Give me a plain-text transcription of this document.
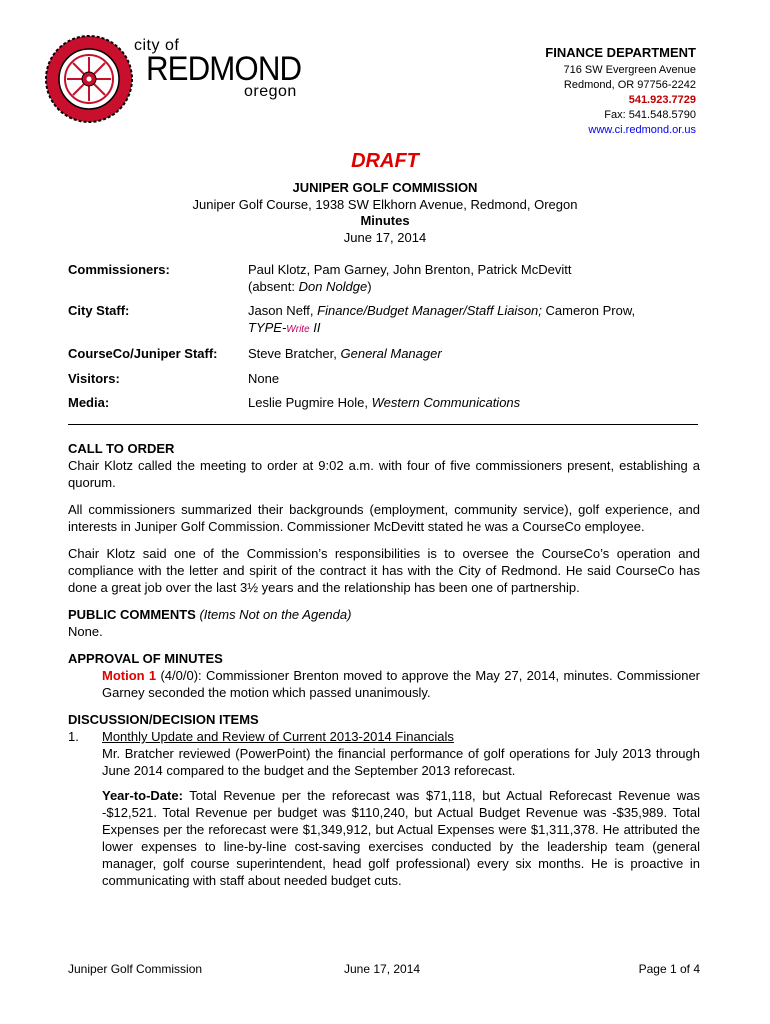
city of
REDMOND
oregon
FINANCE DEPARTMENT
716 SW Evergreen Avenue
Redmond, OR 97756-2242
541.923.7729
Fax: 541.548.5790
www.ci.redmond.or.us
DRAFT
JUNIPER GOLF COMMISSION
Juniper Golf Course, 1938 SW Elkhorn Avenue, Redmond, Oregon
Minutes
June 17, 2014
Commissioners:	Paul Klotz, Pam Garney, John Brenton, Patrick McDevitt
(absent: Don Noldge)
City Staff:	Jason Neff, Finance/Budget Manager/Staff Liaison; Cameron Prow,
TYPE-Write II
CourseCo/Juniper Staff: Steve Bratcher, General Manager
Visitors:	None
Media:	Leslie Pugmire Hole, Western Communications
CALL TO ORDER

Chair Klotz called the meeting to order at 9:02 a.m. with four of five commissioners present, establishing a quorum.

All commissioners summarized their backgrounds (employment, community service), golf experience, and interests in Juniper Golf Commission. Commissioner McDevitt stated he was a CourseCo employee.

Chair Klotz said one of the Commission’s responsibilities is to oversee the CourseCo’s operation and compliance with the letter and spirit of the contract it has with the City of Redmond. He said CourseCo has done a great job over the last 3½ years and the relationship has been one of partnership.

PUBLIC COMMENTS (Items Not on the Agenda)

None.

APPROVAL OF MINUTES
Motion 1 (4/0/0): Commissioner Brenton moved to approve the May 27, 2014, minutes. Commissioner Garney seconded the motion which passed unanimously.
DISCUSSION/DECISION ITEMS
1. Monthly Update and Review of Current 2013-2014 Financials
Mr. Bratcher reviewed (PowerPoint) the financial performance of golf operations for July 2013 through June 2014 compared to the budget and the September 2013 reforecast.
Year-to-Date: Total Revenue per the reforecast was $71,118, but Actual Reforecast Revenue was -$12,521. Total Revenue per budget was $110,240, but Actual Budget Revenue was -$35,989. Total Expenses per the reforecast were $1,349,912, but Actual Expenses were $1,311,378. He attributed the lower expenses to line-by-line cost-saving exercises conducted by the leadership team (general manager, golf course superintendent, head golf professional) every six months. He is proactive in communicating with staff about needed budget cuts.
Juniper Golf Commission	June 17, 2014	Page 1 of 4
